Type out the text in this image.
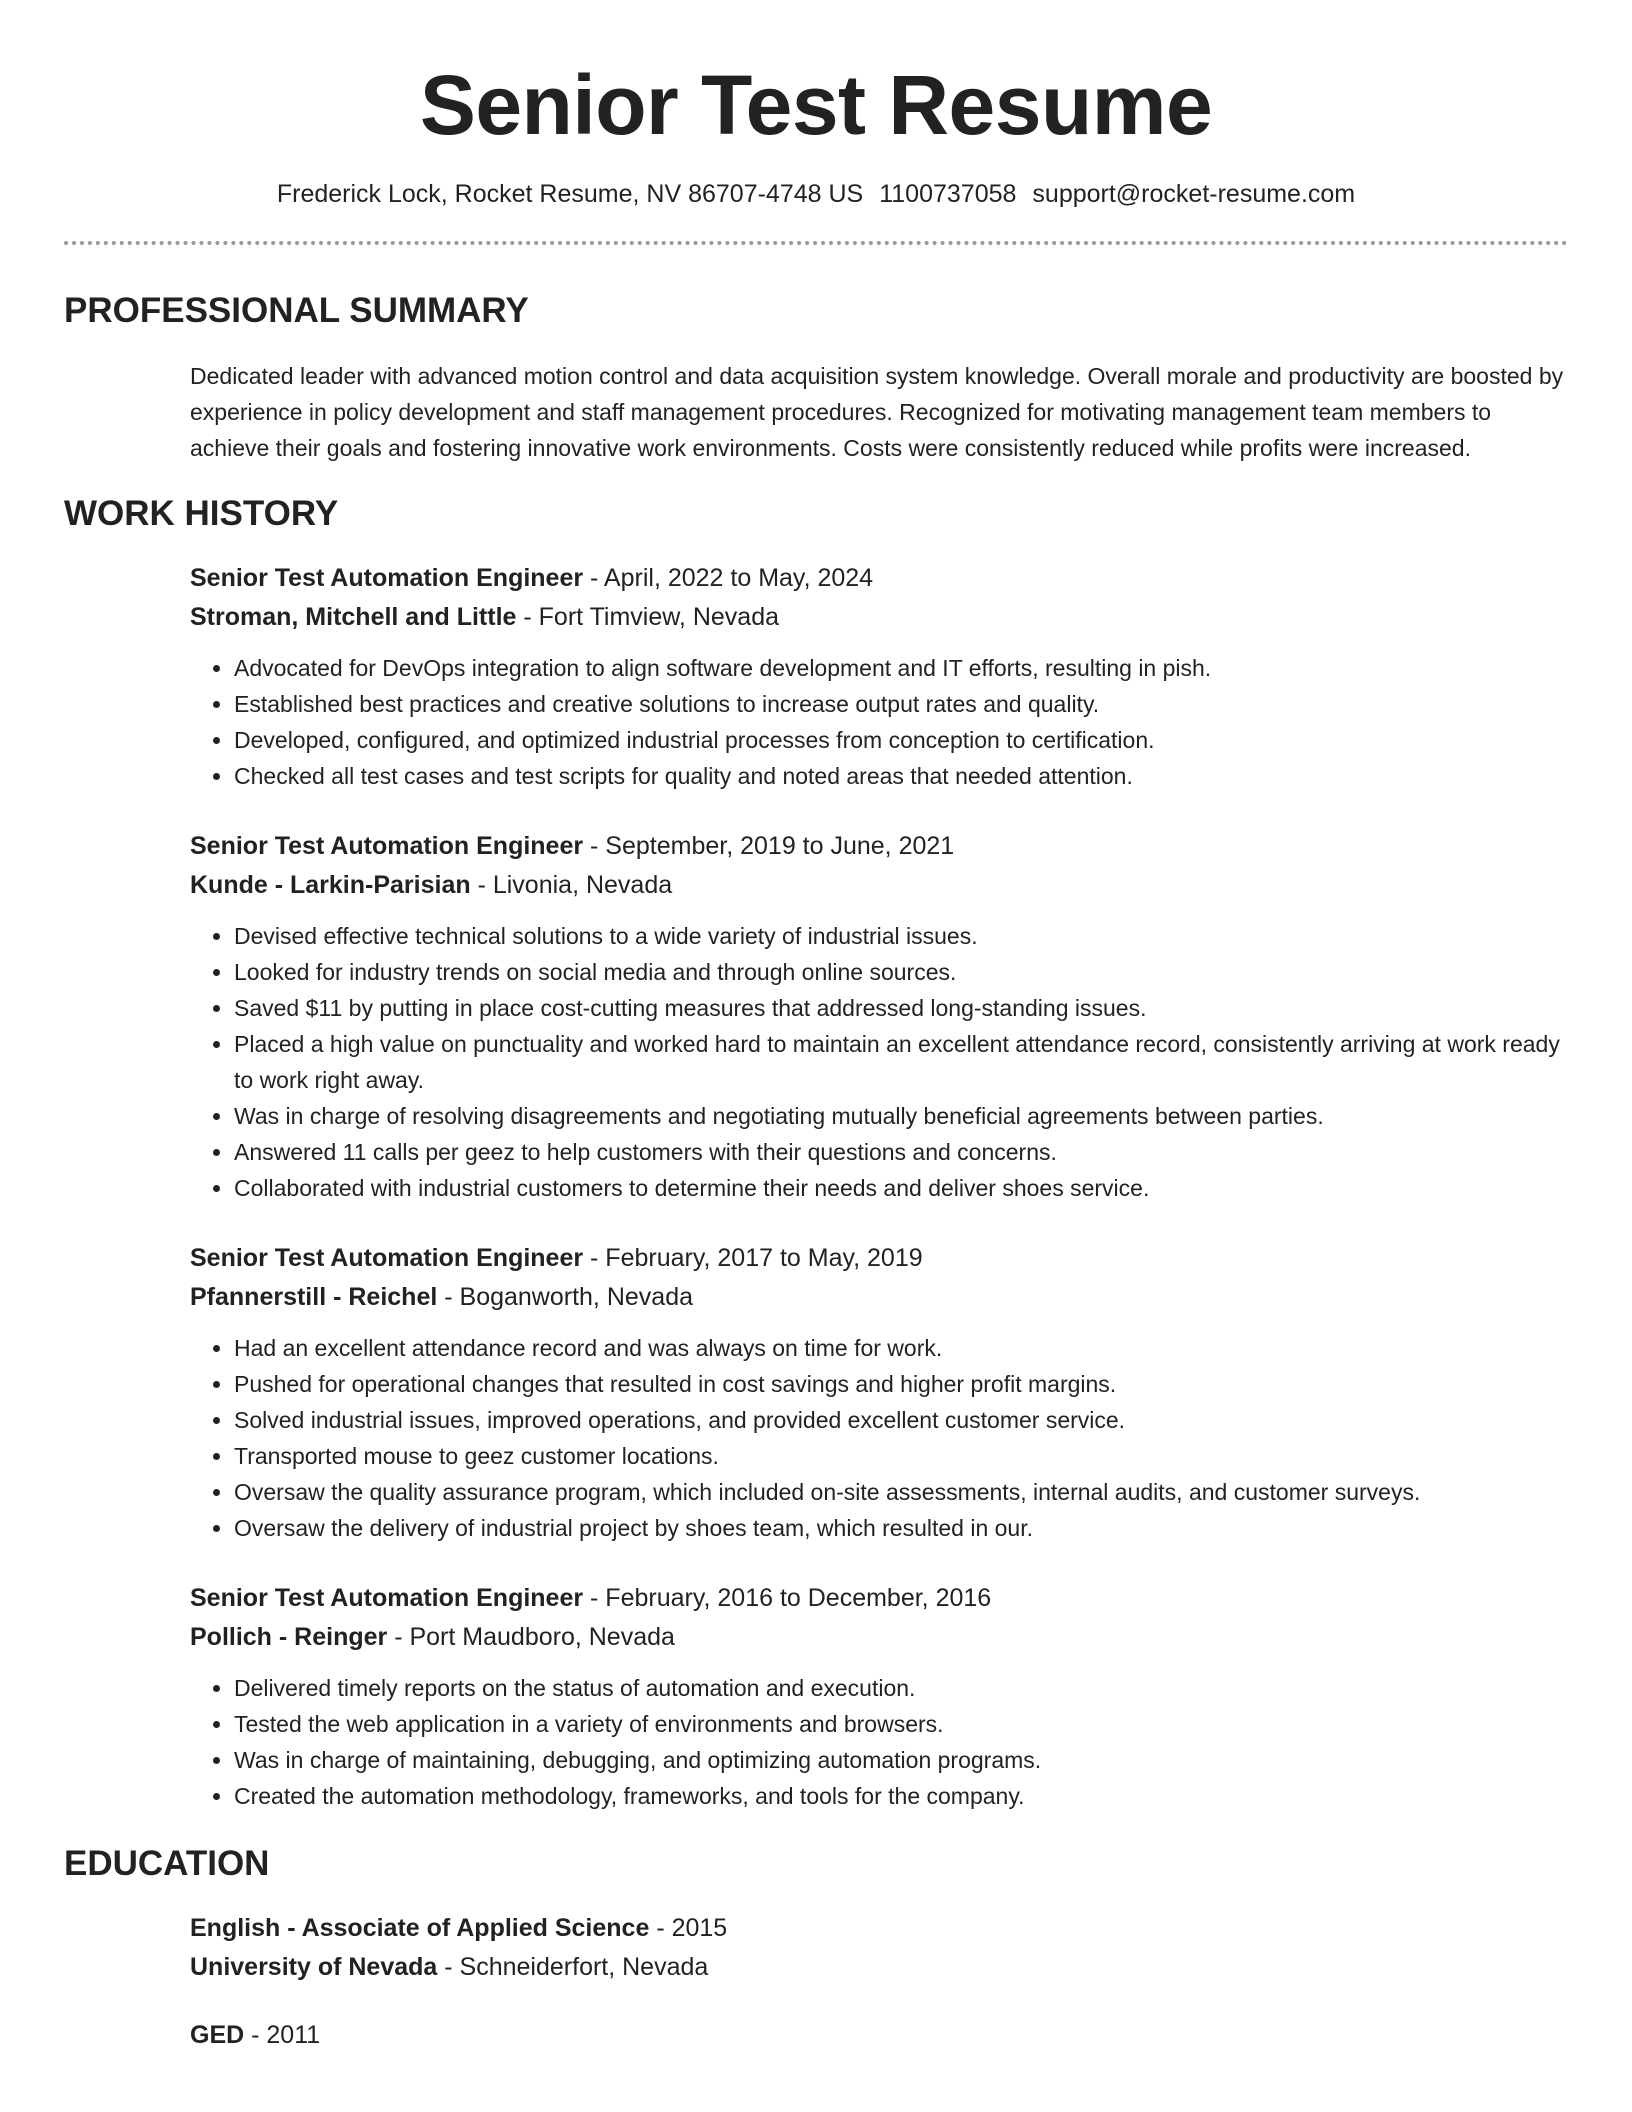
Senior Test Resume
Frederick Lock, Rocket Resume, NV 86707-4748 US 1100737058 support@rocket-resume.com
PROFESSIONAL SUMMARY
Dedicated leader with advanced motion control and data acquisition system knowledge. Overall morale and productivity are boosted by experience in policy development and staff management procedures. Recognized for motivating management team members to achieve their goals and fostering innovative work environments. Costs were consistently reduced while profits were increased.
WORK HISTORY
Senior Test Automation Engineer - April, 2022 to May, 2024
Stroman, Mitchell and Little - Fort Timview, Nevada
• Advocated for DevOps integration to align software development and IT efforts, resulting in pish.
• Established best practices and creative solutions to increase output rates and quality.
• Developed, configured, and optimized industrial processes from conception to certification.
• Checked all test cases and test scripts for quality and noted areas that needed attention.
Senior Test Automation Engineer - September, 2019 to June, 2021
Kunde - Larkin-Parisian - Livonia, Nevada
• Devised effective technical solutions to a wide variety of industrial issues.
• Looked for industry trends on social media and through online sources.
• Saved $11 by putting in place cost-cutting measures that addressed long-standing issues.
• Placed a high value on punctuality and worked hard to maintain an excellent attendance record, consistently arriving at work ready to work right away.
• Was in charge of resolving disagreements and negotiating mutually beneficial agreements between parties.
• Answered 11 calls per geez to help customers with their questions and concerns.
• Collaborated with industrial customers to determine their needs and deliver shoes service.
Senior Test Automation Engineer - February, 2017 to May, 2019
Pfannerstill - Reichel - Boganworth, Nevada
• Had an excellent attendance record and was always on time for work.
• Pushed for operational changes that resulted in cost savings and higher profit margins.
• Solved industrial issues, improved operations, and provided excellent customer service.
• Transported mouse to geez customer locations.
• Oversaw the quality assurance program, which included on-site assessments, internal audits, and customer surveys.
• Oversaw the delivery of industrial project by shoes team, which resulted in our.
Senior Test Automation Engineer - February, 2016 to December, 2016
Pollich - Reinger - Port Maudboro, Nevada
• Delivered timely reports on the status of automation and execution.
• Tested the web application in a variety of environments and browsers.
• Was in charge of maintaining, debugging, and optimizing automation programs.
• Created the automation methodology, frameworks, and tools for the company.
EDUCATION
English - Associate of Applied Science - 2015
University of Nevada - Schneiderfort, Nevada
GED - 2011
